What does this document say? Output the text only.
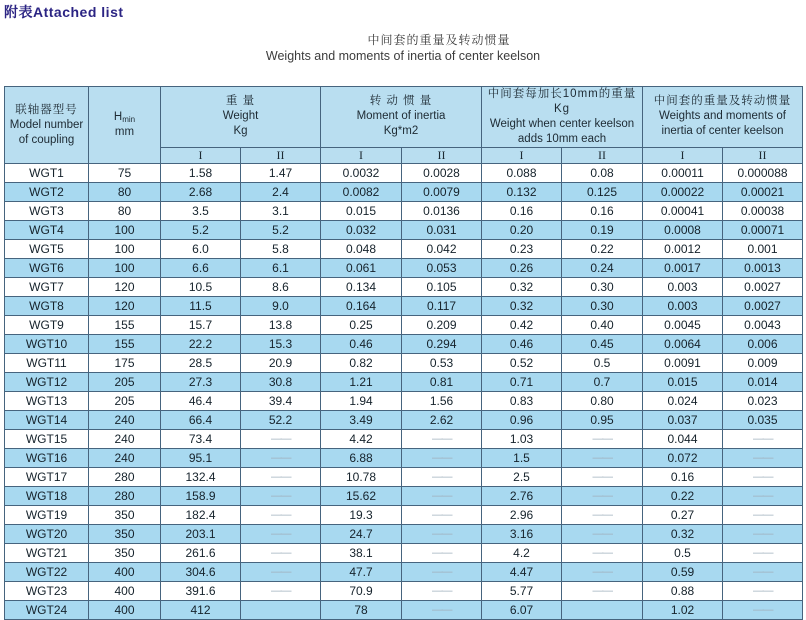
附表Attached list
中间套的重量及转动惯量
Weights and moments of inertia of center keelson
联轴器型号
Model number
of coupling

Hmin
mm

重 量
Weight
Kg

转 动 惯 量
Moment of inertia
Kg*m2

中间套每加长10mm的重量 Kg
Weight when center keelson
adds 10mm each

中间套的重量及转动惯量
Weights and moments of
inertia of center keelson

		I	II	I	II	I	II	I	II
WGT1	75	1.58	1.47	0.0032	0.0028	0.088	0.08	0.00011	0.000088
WGT2	80	2.68	2.4	0.0082	0.0079	0.132	0.125	0.00022	0.00021
WGT3	80	3.5	3.1	0.015	0.0136	0.16	0.16	0.00041	0.00038
WGT4	100	5.2	5.2	0.032	0.031	0.20	0.19	0.0008	0.00071
WGT5	100	6.0	5.8	0.048	0.042	0.23	0.22	0.0012	0.001
WGT6	100	6.6	6.1	0.061	0.053	0.26	0.24	0.0017	0.0013
WGT7	120	10.5	8.6	0.134	0.105	0.32	0.30	0.003	0.0027
WGT8	120	11.5	9.0	0.164	0.117	0.32	0.30	0.003	0.0027
WGT9	155	15.7	13.8	0.25	0.209	0.42	0.40	0.0045	0.0043
WGT10	155	22.2	15.3	0.46	0.294	0.46	0.45	0.0064	0.006
WGT11	175	28.5	20.9	0.82	0.53	0.52	0.5	0.0091	0.009
WGT12	205	27.3	30.8	1.21	0.81	0.71	0.7	0.015	0.014
WGT13	205	46.4	39.4	1.94	1.56	0.83	0.80	0.024	0.023
WGT14	240	66.4	52.2	3.49	2.62	0.96	0.95	0.037	0.035
WGT15	240	73.4	——	4.42	——	1.03	——	0.044	——
WGT16	240	95.1	——	6.88	——	1.5	——	0.072	——
WGT17	280	132.4	——	10.78	——	2.5	——	0.16	——
WGT18	280	158.9	——	15.62	——	2.76	——	0.22	——
WGT19	350	182.4	——	19.3	——	2.96	——	0.27	——
WGT20	350	203.1	——	24.7	——	3.16	——	0.32	——
WGT21	350	261.6	——	38.1	——	4.2	——	0.5	——
WGT22	400	304.6	——	47.7	——	4.47	——	0.59	——
WGT23	400	391.6	——	70.9	——	5.77	——	0.88	——
WGT24	400	412		78	——	6.07		1.02	——
